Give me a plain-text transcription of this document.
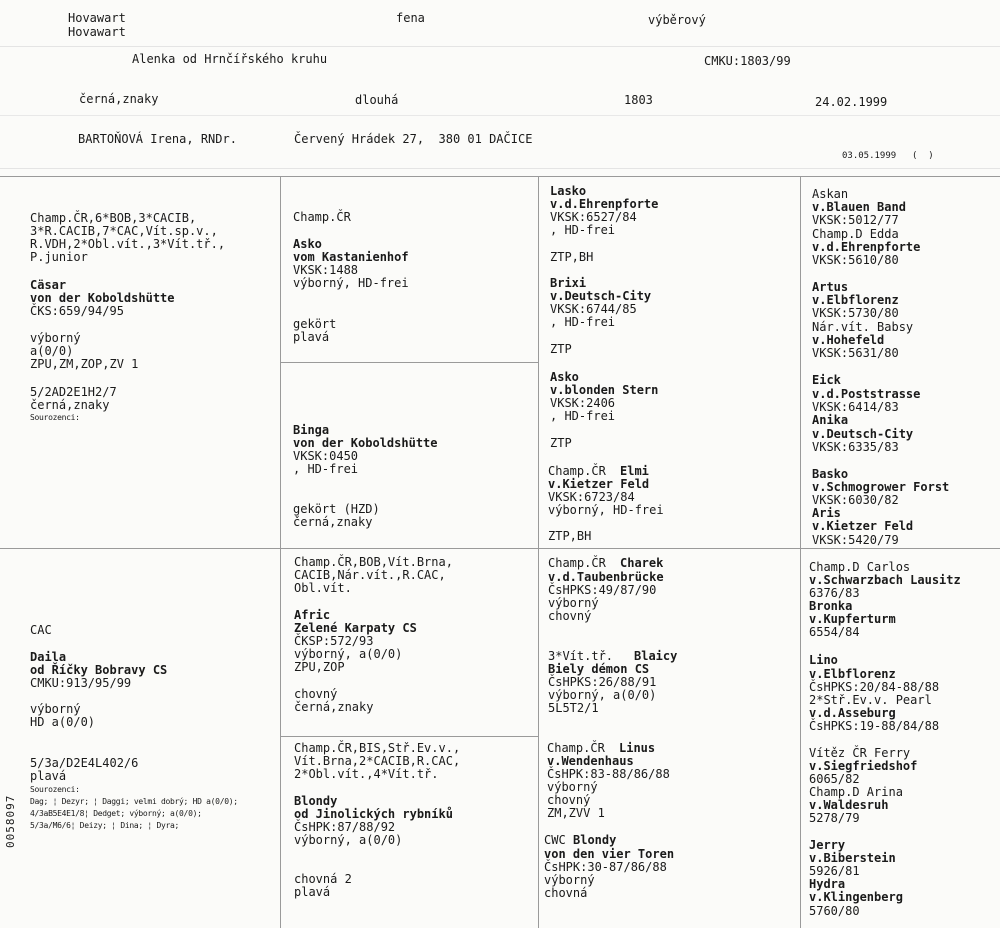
Hovawart
Hovawart
fena	výběrový
Alenka od Hrnčířského kruhu	CMKU:1803/99
černá,znaky	dlouhá	1803	24.02.1999
BARTOŇOVÁ Irena, RNDr.	Červený Hrádek 27,  380 01 DAČICE
03.05.1999 (  )
Champ.ČR,6*BOB,3*CACIB,
3*R.CACIB,7*CAC,Vít.sp.v.,
R.VDH,2*Obl.vít.,3*Vít.tř.,
P.junior
Cäsar
von der Koboldshütte
ČKS:659/94/95
výborný
a(0/0)
ZPU,ZM,ZOP,ZV 1
5/2AD2E1H2/7
černá,znaky
Sourozenci:
CAC
Daila
od Říčky Bobravy CS
CMKU:913/95/99
výborný
HD a(0/0)
5/3a/D2E4L402/6
plavá
Sourozenci:
Dag; ¦ Dezyr; ¦ Daggi; velmi dobrý; HD a(0/0);
4/3aB5E4E1/8¦ Dedget; výborný; a(0/0);
5/3a/M6/6¦ Deizy; ¦ Dina; ¦ Dyra;
Champ.ČR
Asko
vom Kastanienhof
VKSK:1488
výborný, HD-frei
gekört
plavá
Binga
von der Koboldshütte
VKSK:0450
, HD-frei
gekört (HZD)
černá,znaky
Champ.ČR,BOB,Vít.Brna,
CACIB,Nár.vít.,R.CAC,
Obl.vít.
Afric
Zelené Karpaty CS
ČKSP:572/93
výborný, a(0/0)
ZPU,ZOP
chovný
černá,znaky
Champ.ČR,BIS,Stř.Ev.v.,
Vít.Brna,2*CACIB,R.CAC,
2*Obl.vít.,4*Vít.tř.
Blondy
od Jinolických rybníků
ČsHPK:87/88/92
výborný, a(0/0)
chovná 2
plavá
Lasko
v.d.Ehrenpforte
VKSK:6527/84
, HD-frei
ZTP,BH
Brixi
v.Deutsch-City
VKSK:6744/85
, HD-frei
ZTP
Asko
v.blonden Stern
VKSK:2406
, HD-frei
ZTP
Champ.ČR Elmi
v.Kietzer Feld
VKSK:6723/84
výborný, HD-frei
ZTP,BH
Champ.ČR Charek
v.d.Taubenbrücke
ČsHPKS:49/87/90
výborný
chovný
3*Vít.tř. Blaicy
Biely démon CS
ČsHPKS:26/88/91
výborný, a(0/0)
5L5T2/1
Champ.ČR Linus
v.Wendenhaus
ČsHPK:83-88/86/88
výborný
chovný
ZM,ZVV 1
CWC Blondy
von den vier Toren
ČsHPK:30-87/86/88
výborný
chovná
Askan
v.Blauen Band
VKSK:5012/77
Champ.D Edda
v.d.Ehrenpforte
VKSK:5610/80
Artus
v.Elbflorenz
VKSK:5730/80
Nár.vít. Babsy
v.Hohefeld
VKSK:5631/80
Eick
v.d.Poststrasse
VKSK:6414/83
Anika
v.Deutsch-City
VKSK:6335/83
Basko
v.Schmogrower Forst
VKSK:6030/82
Aris
v.Kietzer Feld
VKSK:5420/79
Champ.D Carlos
v.Schwarzbach Lausitz
6376/83
Bronka
v.Kupferturm
6554/84
Lino
v.Elbflorenz
ČsHPKS:20/84-88/88
2*Stř.Ev.v. Pearl
v.d.Asseburg
ČsHPKS:19-88/84/88
Vítěz ČR Ferry
v.Siegfriedshof
6065/82
Champ.D Arina
v.Waldesruh
5278/79
Jerry
v.Biberstein
5926/81
Hydra
v.Klingenberg
5760/80
0058097
